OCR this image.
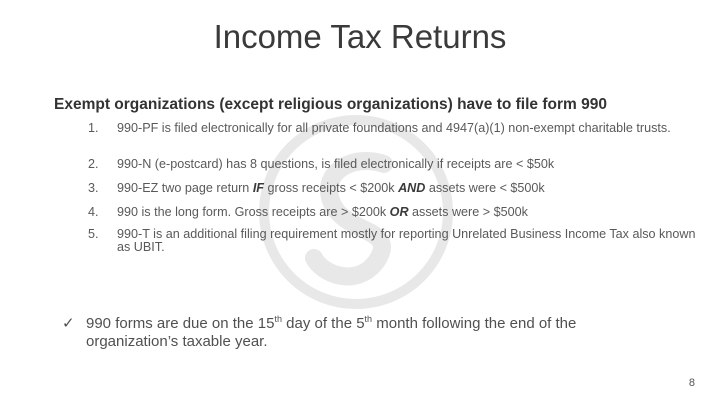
Income Tax Returns
Exempt organizations (except religious organizations) have to file form 990
1.	990-PF is filed electronically for all private foundations and 4947(a)(1) non-exempt charitable trusts.
2.	990-N (e-postcard) has 8 questions, is filed electronically if receipts are < $50k
3.	990-EZ two page return IF gross receipts < $200k AND assets were < $500k
4.	990 is the long form. Gross receipts are > $200k OR assets were > $500k
5.	990-T is an additional filing requirement mostly for reporting Unrelated Business Income Tax also known as UBIT.
✓ 990 forms are due on the 15th day of the 5th month following the end of the
organization’s taxable year.
8
